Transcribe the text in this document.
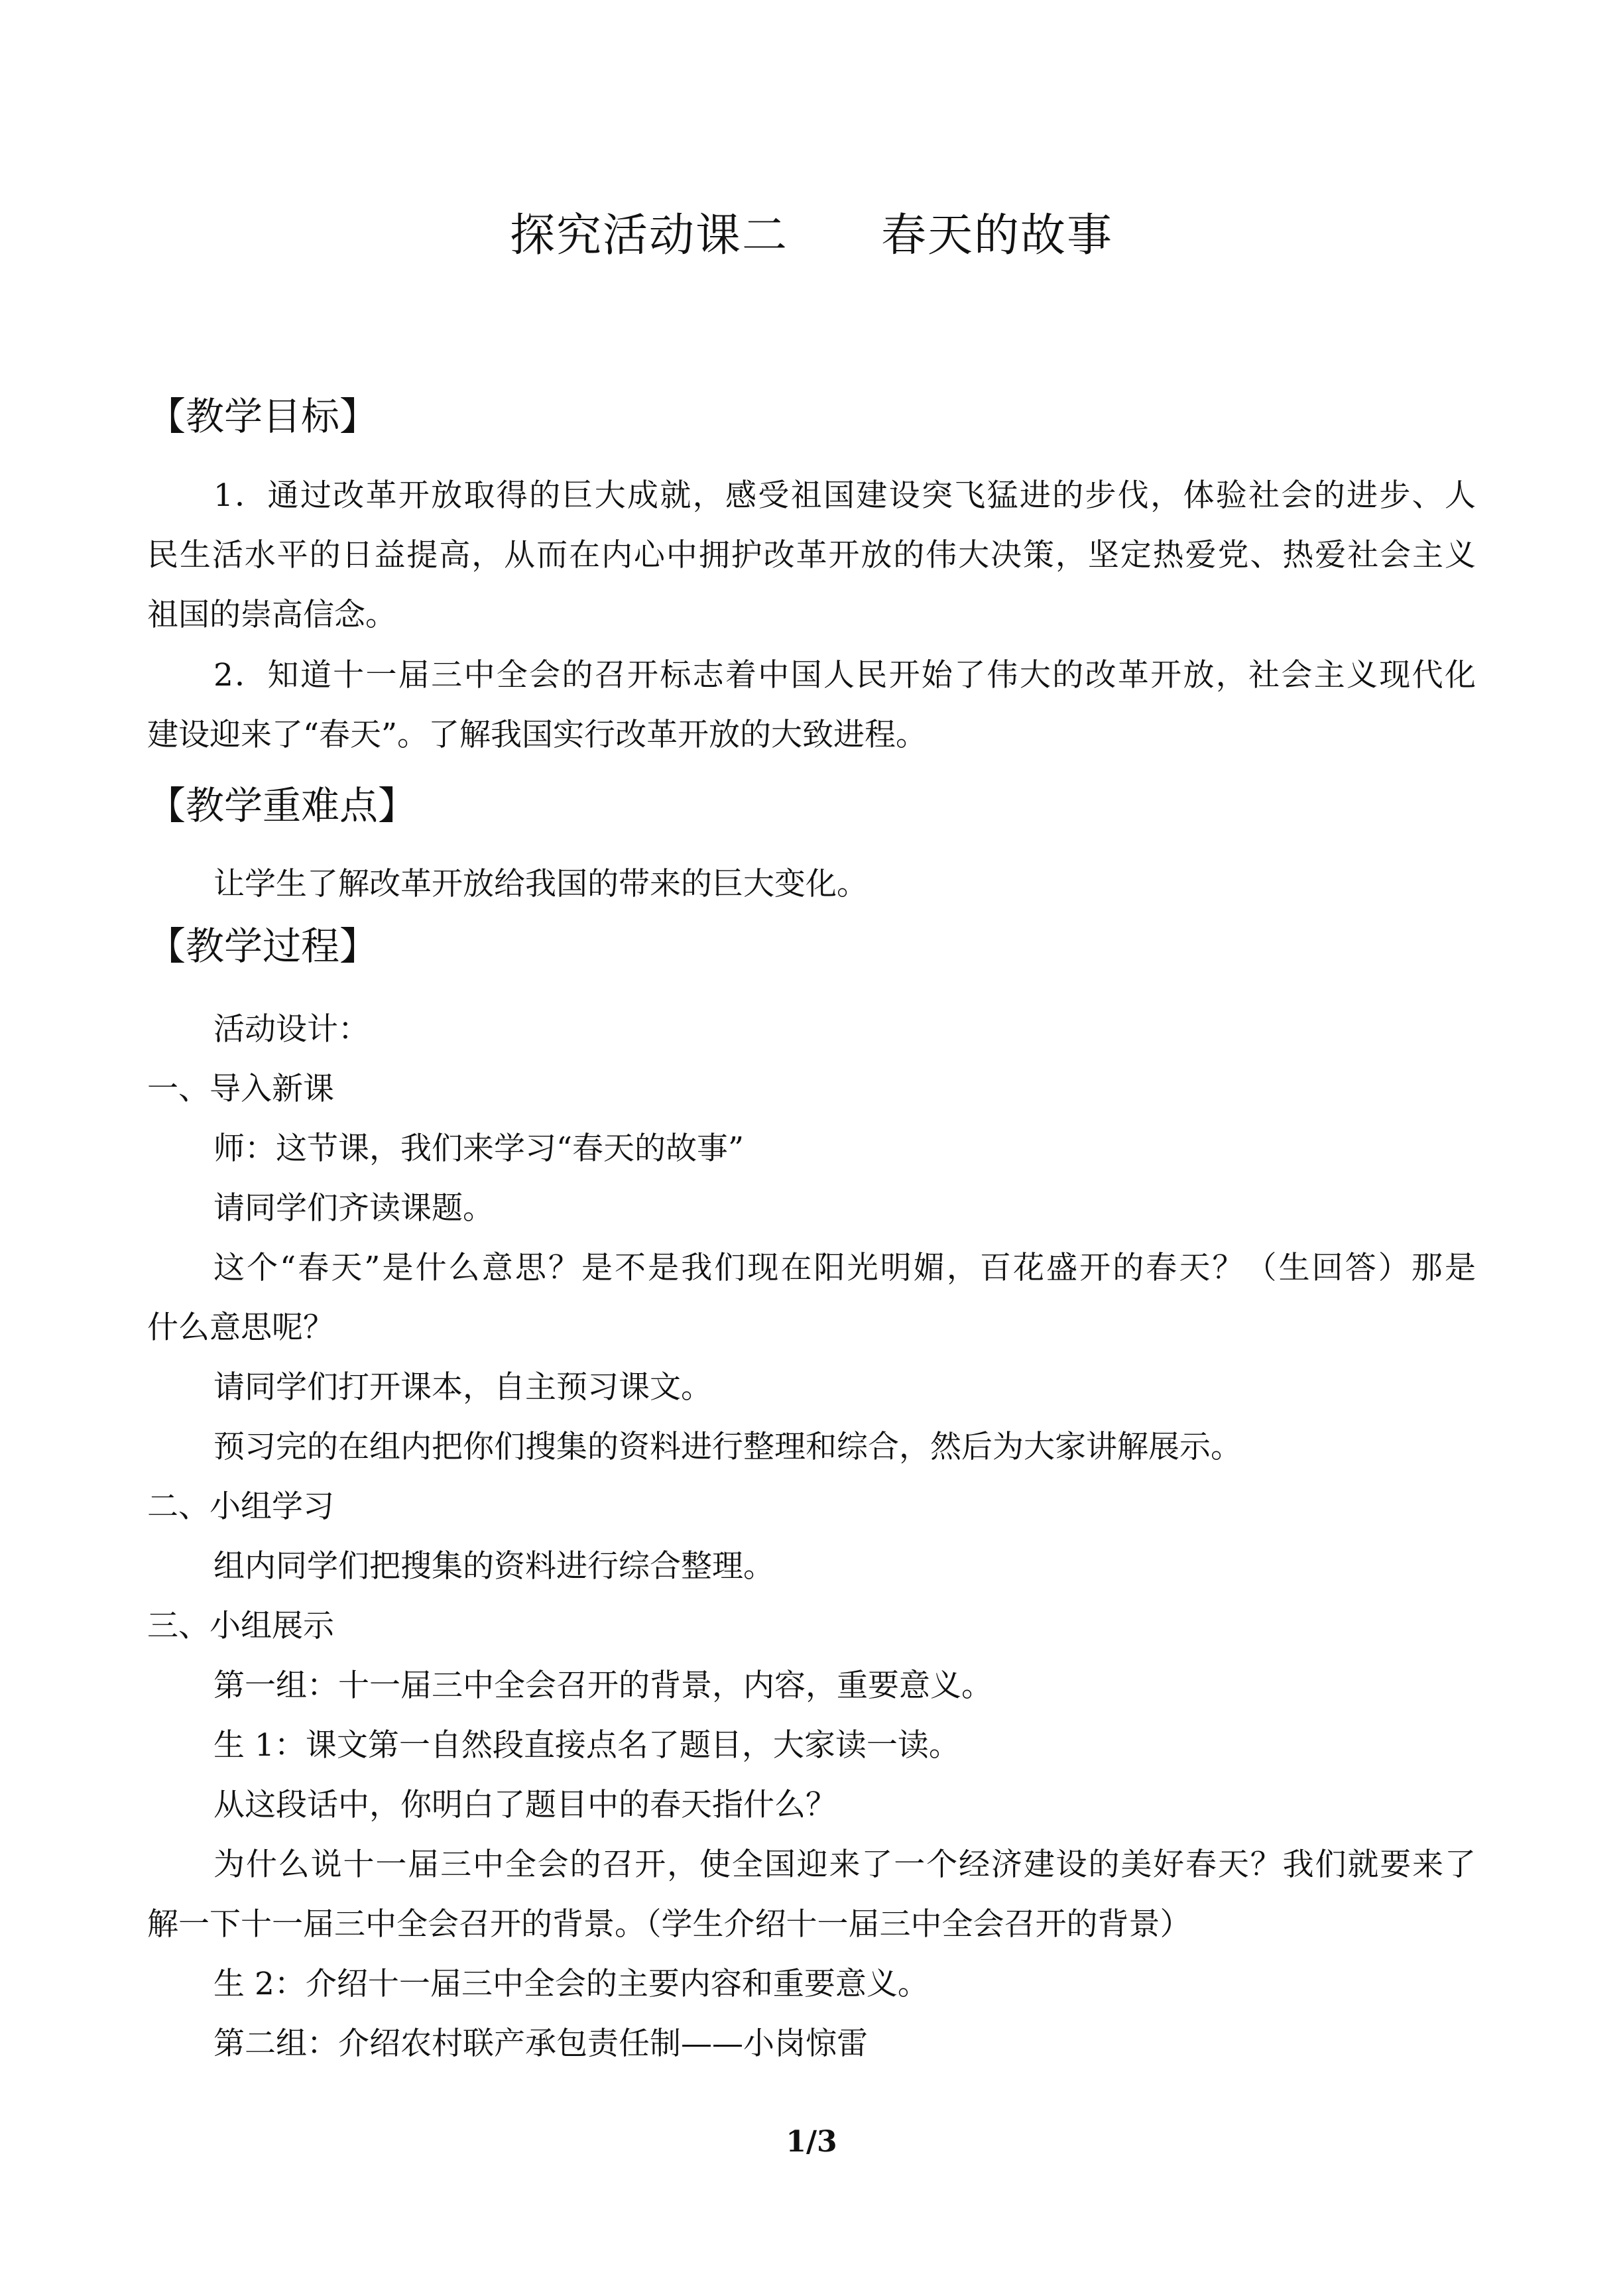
探究活动课二　　春天的故事
【教学目标】
1．通过改革开放取得的巨大成就，感受祖国建设突飞猛进的步伐，体验社会的进步、人
民生活水平的日益提高，从而在内心中拥护改革开放的伟大决策，坚定热爱党、热爱社会主义
祖国的崇高信念。
2．知道十一届三中全会的召开标志着中国人民开始了伟大的改革开放，社会主义现代化
建设迎来了“春天”。了解我国实行改革开放的大致进程。
【教学重难点】
让学生了解改革开放给我国的带来的巨大变化。
【教学过程】
活动设计：
一、导入新课
师：这节课，我们来学习“春天的故事”
请同学们齐读课题。
这个“春天”是什么意思？是不是我们现在阳光明媚，百花盛开的春天？（生回答）那是
什么意思呢？
请同学们打开课本，自主预习课文。
预习完的在组内把你们搜集的资料进行整理和综合，然后为大家讲解展示。
二、小组学习
组内同学们把搜集的资料进行综合整理。
三、小组展示
第一组：十一届三中全会召开的背景，内容，重要意义。
生 1：课文第一自然段直接点名了题目，大家读一读。
从这段话中，你明白了题目中的春天指什么？
为什么说十一届三中全会的召开，使全国迎来了一个经济建设的美好春天？我们就要来了
解一下十一届三中全会召开的背景。（学生介绍十一届三中全会召开的背景）
生 2：介绍十一届三中全会的主要内容和重要意义。
第二组：介绍农村联产承包责任制——小岗惊雷
1/3
